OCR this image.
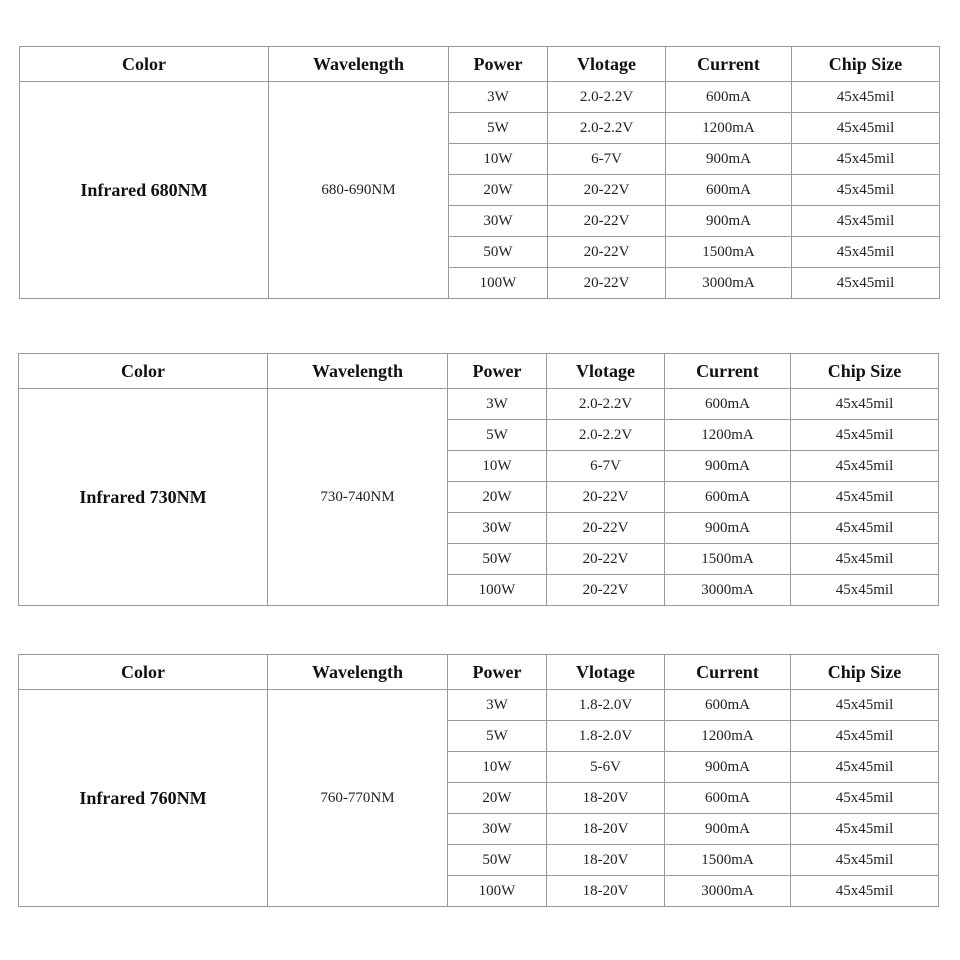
Color	Wavelength	Power	Vlotage	Current	Chip Size
Infrared 680NM	680-690NM	3W	2.0-2.2V	600mA	45x45mil
		5W	2.0-2.2V	1200mA	45x45mil
		10W	6-7V	900mA	45x45mil
		20W	20-22V	600mA	45x45mil
		30W	20-22V	900mA	45x45mil
		50W	20-22V	1500mA	45x45mil
		100W	20-22V	3000mA	45x45mil
Color	Wavelength	Power	Vlotage	Current	Chip Size
Infrared 730NM	730-740NM	3W	2.0-2.2V	600mA	45x45mil
		5W	2.0-2.2V	1200mA	45x45mil
		10W	6-7V	900mA	45x45mil
		20W	20-22V	600mA	45x45mil
		30W	20-22V	900mA	45x45mil
		50W	20-22V	1500mA	45x45mil
		100W	20-22V	3000mA	45x45mil
Color	Wavelength	Power	Vlotage	Current	Chip Size
Infrared 760NM	760-770NM	3W	1.8-2.0V	600mA	45x45mil
		5W	1.8-2.0V	1200mA	45x45mil
		10W	5-6V	900mA	45x45mil
		20W	18-20V	600mA	45x45mil
		30W	18-20V	900mA	45x45mil
		50W	18-20V	1500mA	45x45mil
		100W	18-20V	3000mA	45x45mil
